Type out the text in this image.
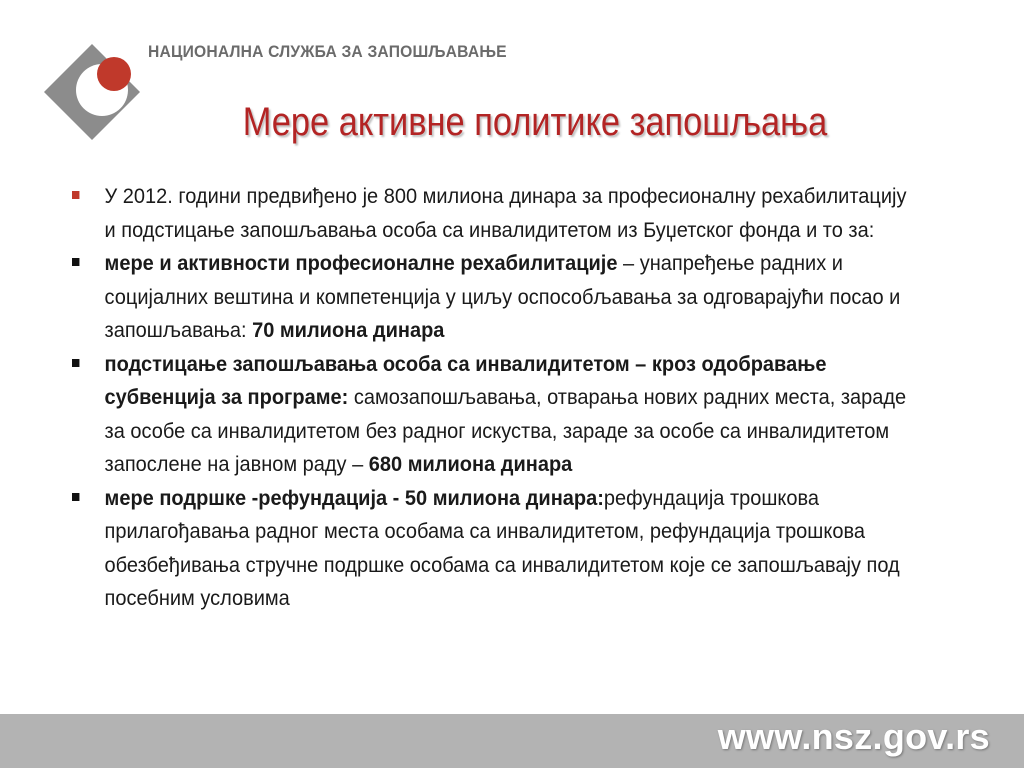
НАЦИОНАЛНА СЛУЖБА ЗА ЗАПОШЉАВАЊЕ
Мере активне политике запошљања
У 2012. години предвиђено је 800 милиона динара за професионалну рехабилитацију и подстицање запошљавања особа са инвалидитетом из Буџетског фонда и то за:
мере и активности професионалне рехабилитације – унапређење радних и социјалних вештина и компетенција у циљу оспособљавања за одговарајући посао и запошљавања: 70 милиона динара
подстицање запошљавања особа са инвалидитетом – кроз одобравање субвенција за програме: самозапошљавања, отварања нових радних места, зараде за особе са инвалидитетом без радног искуства, зараде за особе са инвалидитетом запослене на јавном раду – 680 милиона динара
мере подршке -рефундација - 50 милиона динара:рефундација трошкова прилагођавања радног места особама са инвалидитетом, рефундација трошкова обезбеђивања стручне подршке особама са инвалидитетом које се запошљавају под посебним условима
www.nsz.gov.rs
